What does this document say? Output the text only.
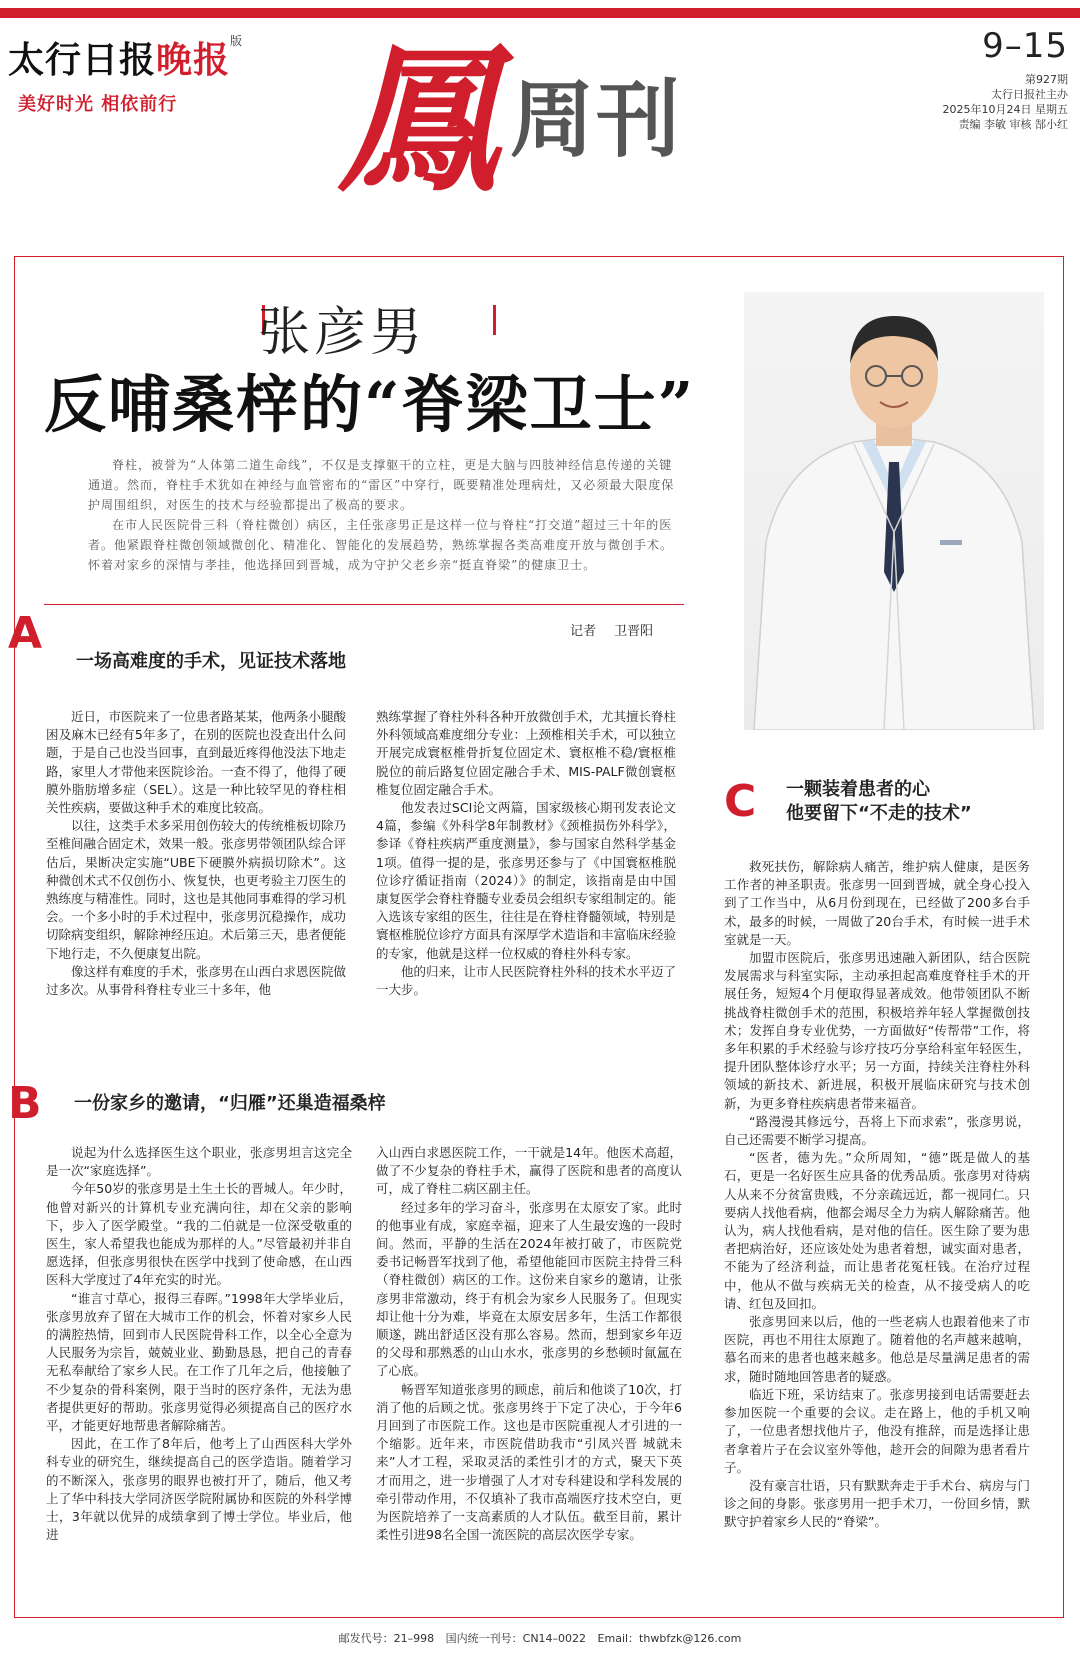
太行日报晚报$^版$
美好时光 相依前行 鳳 周刊
9–15
第927期
太行日报社主办
2025年10月24日 星期五
责编 李敏 审核 郜小红
张彦男
反哺桑梓的“脊梁卫士”

脊柱，被誉为“人体第二道生命线”，不仅是支撑躯干的立柱，更是大脑与四肢神经信息传递的关键通道。然而，脊柱手术犹如在神经与血管密布的“雷区”中穿行，既要精准处理病灶，又必须最大限度保护周围组织，对医生的技术与经验都提出了极高的要求。

在市人民医院骨三科（脊柱微创）病区，主任张彦男正是这样一位与脊柱“打交道”超过三十年的医者。他紧跟脊柱微创领域微创化、精准化、智能化的发展趋势，熟练掌握各类高难度开放与微创手术。怀着对家乡的深情与孝挂，他选择回到晋城，成为守护父老乡亲“挺直脊梁”的健康卫士。

记者 卫晋阳
A
一场高难度的手术，见证技术落地

近日，市医院来了一位患者路某某，他两条小腿酸困及麻木已经有5年多了，在别的医院也没查出什么问题，于是自己也没当回事，直到最近疼得他没法下地走路，家里人才带他来医院诊治。一查不得了，他得了硬膜外脂肪增多症（SEL）。这是一种比较罕见的脊柱相关性疾病，要做这种手术的难度比较高。

以往，这类手术多采用创伤较大的传统椎板切除乃至椎间融合固定术，效果一般。张彦男带领团队综合评估后，果断决定实施“UBE下硬膜外病损切除术”。这种微创术式不仅创伤小、恢复快，也更考验主刀医生的熟练度与精准性。同时，这也是其他同事难得的学习机会。一个多小时的手术过程中，张彦男沉稳操作，成功切除病变组织，解除神经压迫。术后第三天，患者便能下地行走，不久便康复出院。

像这样有难度的手术，张彦男在山西白求恩医院做过多次。从事骨科脊柱专业三十多年，他

熟练掌握了脊柱外科各种开放微创手术，尤其擅长脊柱外科领域高难度细分专业：上颈椎相关手术，可以独立开展完成寰枢椎骨折复位固定术、寰枢椎不稳/寰枢椎脱位的前后路复位固定融合手术、MIS-PALF微创寰枢椎复位固定融合手术。

他发表过SCI论文两篇，国家级核心期刊发表论文4篇，参编《外科学8年制教材》《颈椎损伤外科学》，参译《脊柱疾病严重度测量》，参与国家自然科学基金1项。值得一提的是，张彦男还参与了《中国寰枢椎脱位诊疗循证指南（2024）》的制定，该指南是由中国康复医学会脊柱脊髓专业委员会组织专家组制定的。能入选该专家组的医生，往往是在脊柱脊髓领域，特别是寰枢椎脱位诊疗方面具有深厚学术造诣和丰富临床经验的专家，他就是这样一位权威的脊柱外科专家。

他的归来，让市人民医院脊柱外科的技术水平迈了一大步。

C 一颗装着患者的心
他要留下“不走的技术”

救死扶伤，解除病人痛苦，维护病人健康，是医务工作者的神圣职责。张彦男一回到晋城，就全身心投入到了工作当中，从6月份到现在，已经做了200多台手术，最多的时候，一周做了20台手术，有时候一进手术室就是一天。

加盟市医院后，张彦男迅速融入新团队，结合医院发展需求与科室实际，主动承担起高难度脊柱手术的开展任务，短短4个月便取得显著成效。他带领团队不断挑战脊柱微创手术的范围，积极培养年轻人掌握微创技术；发挥自身专业优势，一方面做好“传帮带”工作，将多年积累的手术经验与诊疗技巧分享给科室年轻医生，提升团队整体诊疗水平；另一方面，持续关注脊柱外科领域的新技术、新进展，积极开展临床研究与技术创新，为更多脊柱疾病患者带来福音。

“路漫漫其修远兮，吾将上下而求索”，张彦男说，自己还需要不断学习提高。

“医者，德为先。”众所周知，“德”既是做人的基石，更是一名好医生应具备的优秀品质。张彦男对待病人从来不分贫富贵贱，不分亲疏远近，都一视同仁。只要病人找他看病，他都会竭尽全力为病人解除痛苦。他认为，病人找他看病，是对他的信任。医生除了要为患者把病治好，还应该处处为患者着想，诚实面对患者，不能为了经济利益，而让患者花冤枉钱。在治疗过程中，他从不做与疾病无关的检查，从不接受病人的吃请、红包及回扣。

张彦男回来以后，他的一些老病人也跟着他来了市医院，再也不用往太原跑了。随着他的名声越来越响，慕名而来的患者也越来越多。他总是尽量满足患者的需求，随时随地回答患者的疑惑。

临近下班，采访结束了。张彦男接到电话需要赶去参加医院一个重要的会议。走在路上，他的手机又响了，一位患者想找他片子，他没有推辞，而是选择让患者拿着片子在会议室外等他，趁开会的间隙为患者看片子。

没有豪言壮语，只有默默奔走于手术台、病房与门诊之间的身影。张彦男用一把手术刀，一份回乡情，默默守护着家乡人民的“脊梁”。

B 一份家乡的邀请，“归雁”还巢造福桑梓

说起为什么选择医生这个职业，张彦男坦言这完全是一次“家庭选择”。

今年50岁的张彦男是土生土长的晋城人。年少时，他曾对新兴的计算机专业充满向往，却在父亲的影响下，步入了医学殿堂。“我的二伯就是一位深受敬重的医生，家人希望我也能成为那样的人。”尽管最初并非自愿选择，但张彦男很快在医学中找到了使命感，在山西医科大学度过了4年充实的时光。

“谁言寸草心，报得三春晖。”1998年大学毕业后，张彦男放弃了留在大城市工作的机会，怀着对家乡人民的满腔热情，回到市人民医院骨科工作，以全心全意为人民服务为宗旨，兢兢业业、勤勤恳恳，把自己的青春无私奉献给了家乡人民。在工作了几年之后，他接触了不少复杂的骨科案例，限于当时的医疗条件，无法为患者提供更好的帮助。张彦男觉得必须提高自己的医疗水平，才能更好地帮患者解除痛苦。

因此，在工作了8年后，他考上了山西医科大学外科专业的研究生，继续提高自己的医学造诣。随着学习的不断深入，张彦男的眼界也被打开了，随后，他又考上了华中科技大学同济医学院附属协和医院的外科学博士，3年就以优异的成绩拿到了博士学位。毕业后，他进

入山西白求恩医院工作，一干就是14年。他医术高超，做了不少复杂的脊柱手术，赢得了医院和患者的高度认可，成了脊柱二病区副主任。

经过多年的学习奋斗，张彦男在太原安了家。此时的他事业有成，家庭幸福，迎来了人生最安逸的一段时间。然而，平静的生活在2024年被打破了，市医院党委书记畅晋军找到了他，希望他能回市医院主持骨三科（脊柱微创）病区的工作。这份来自家乡的邀请，让张彦男非常激动，终于有机会为家乡人民服务了。但现实却让他十分为难，毕竟在太原安居多年，生活工作都很顺遂，跳出舒适区没有那么容易。然而，想到家乡年迈的父母和那熟悉的山山水水，张彦男的乡愁顿时氤氲在了心底。

畅晋军知道张彦男的顾虑，前后和他谈了10次，打消了他的后顾之忧。张彦男终于下定了决心，于今年6月回到了市医院工作。这也是市医院重视人才引进的一个缩影。近年来，市医院借助我市“引凤兴晋 城就未来”人才工程，采取灵活的柔性引才的方式，聚天下英才而用之，进一步增强了人才对专科建设和学科发展的牵引带动作用，不仅填补了我市高端医疗技术空白，更为医院培养了一支高素质的人才队伍。截至目前，累计柔性引进98名全国一流医院的高层次医学专家。

邮发代号：21–998 国内统一刊号：CN14–0022 Email：thwbfzk@126.com
